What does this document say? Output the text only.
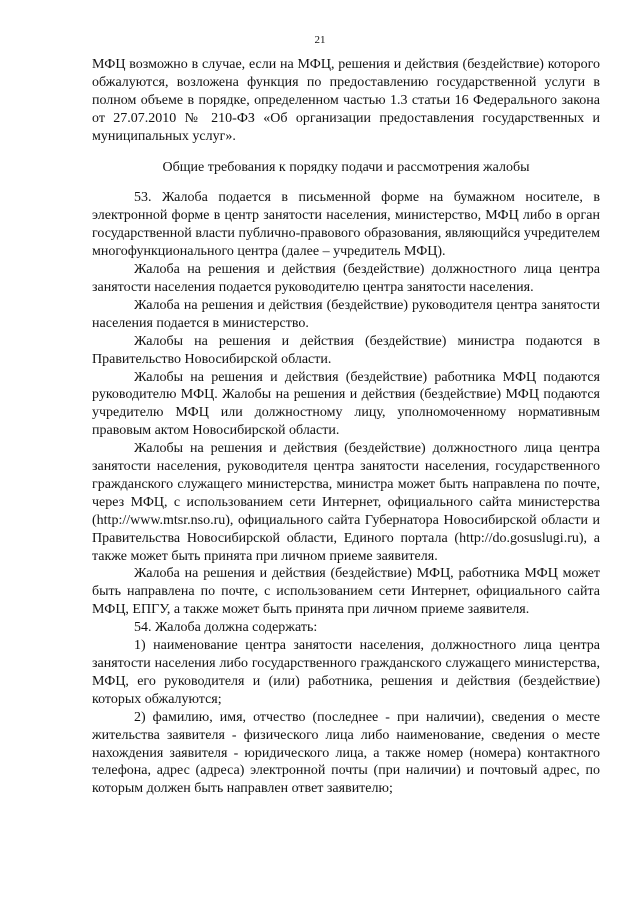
21

МФЦ возможно в случае, если на МФЦ, решения и действия (бездействие) которого обжалуются, возложена функция по предоставлению государственной услуги в полном объеме в порядке, определенном частью 1.3 статьи 16 Федерального закона от 27.07.2010 № 210-ФЗ «Об организации предоставления государственных и муниципальных услуг».

Общие требования к порядку подачи и рассмотрения жалобы

53. Жалоба подается в письменной форме на бумажном носителе, в электронной форме в центр занятости населения, министерство, МФЦ либо в орган государственной власти публично-правового образования, являющийся учредителем многофункционального центра (далее – учредитель МФЦ).

Жалоба на решения и действия (бездействие) должностного лица центра занятости населения подается руководителю центра занятости населения.

Жалоба на решения и действия (бездействие) руководителя центра занятости населения подается в министерство.

Жалобы на решения и действия (бездействие) министра подаются в Правительство Новосибирской области.

Жалобы на решения и действия (бездействие) работника МФЦ подаются руководителю МФЦ. Жалобы на решения и действия (бездействие) МФЦ подаются учредителю МФЦ или должностному лицу, уполномоченному нормативным правовым актом Новосибирской области.

Жалобы на решения и действия (бездействие) должностного лица центра занятости населения, руководителя центра занятости населения, государственного гражданского служащего министерства, министра может быть направлена по почте, через МФЦ, с использованием сети Интернет, официального сайта министерства (http://www.mtsr.nso.ru), официального сайта Губернатора Новосибирской области и Правительства Новосибирской области, Единого портала (http://do.gosuslugi.ru), а также может быть принята при личном приеме заявителя.

Жалоба на решения и действия (бездействие) МФЦ, работника МФЦ может быть направлена по почте, с использованием сети Интернет, официального сайта МФЦ, ЕПГУ, а также может быть принята при личном приеме заявителя.

54. Жалоба должна содержать:

1) наименование центра занятости населения, должностного лица центра занятости населения либо государственного гражданского служащего министерства, МФЦ, его руководителя и (или) работника, решения и действия (бездействие) которых обжалуются;

2) фамилию, имя, отчество (последнее - при наличии), сведения о месте жительства заявителя - физического лица либо наименование, сведения о месте нахождения заявителя - юридического лица, а также номер (номера) контактного телефона, адрес (адреса) электронной почты (при наличии) и почтовый адрес, по которым должен быть направлен ответ заявителю;
